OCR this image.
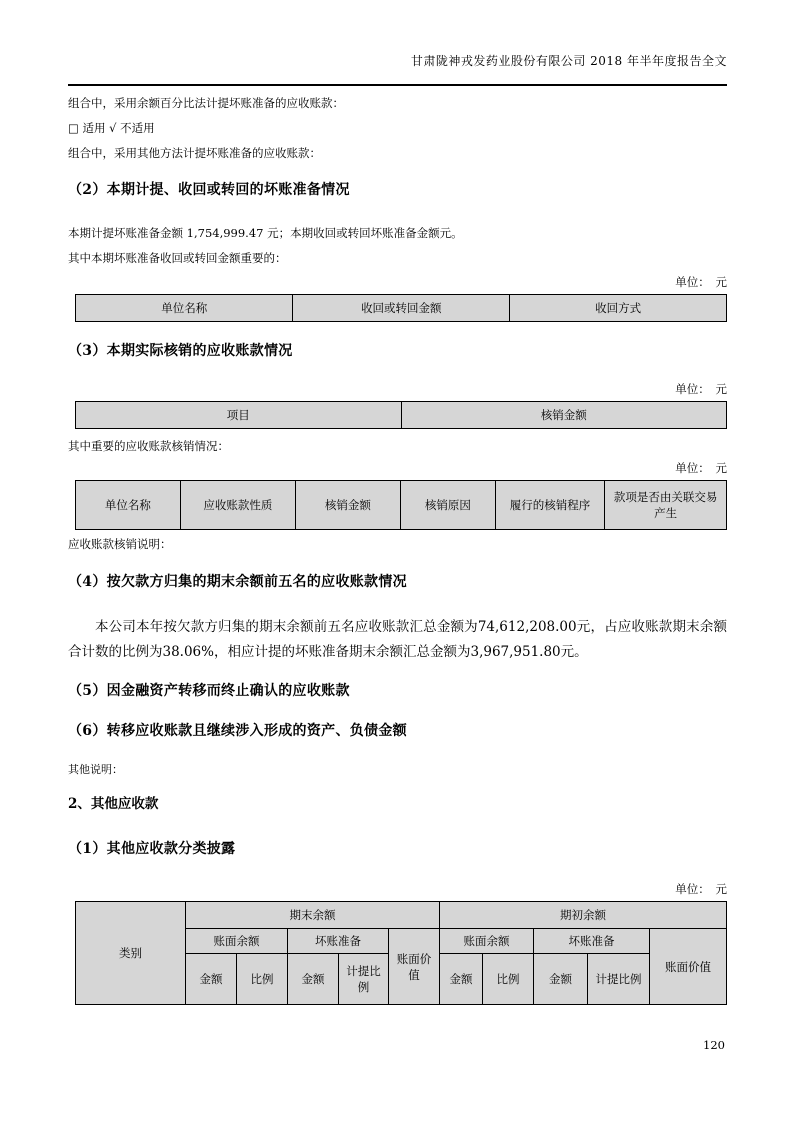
甘肃陇神戎发药业股份有限公司 2018 年半年度报告全文

组合中，采用余额百分比法计提坏账准备的应收账款：

□ 适用 √ 不适用

组合中，采用其他方法计提坏账准备的应收账款：

（2）本期计提、收回或转回的坏账准备情况

本期计提坏账准备金额 1,754,999.47 元；本期收回或转回坏账准备金额元。

其中本期坏账准备收回或转回金额重要的：

单位：　元

单位名称	收回或转回金额	收回方式
（3）本期实际核销的应收账款情况

单位：　元

项目	核销金额

其中重要的应收账款核销情况：

单位：　元

单位名称	应收账款性质	核销金额	核销原因	履行的核销程序	款项是否由关联交易产生

应收账款核销说明：

（4）按欠款方归集的期末余额前五名的应收账款情况

本公司本年按欠款方归集的期末余额前五名应收账款汇总金额为74,612,208.00元，占应收账款期末余额合计数的比例为38.06%，相应计提的坏账准备期末余额汇总金额为3,967,951.80元。

（5）因金融资产转移而终止确认的应收账款
（6）转移应收账款且继续涉入形成的资产、负债金额

其他说明：

2、其他应收款
（1）其他应收款分类披露

单位：　元

类别	期末余额					期初余额				
	账面余额		坏账准备		账面价值	账面余额		坏账准备		账面价值
	金额	比例	金额	计提比例		金额	比例	金额	计提比例	
120
